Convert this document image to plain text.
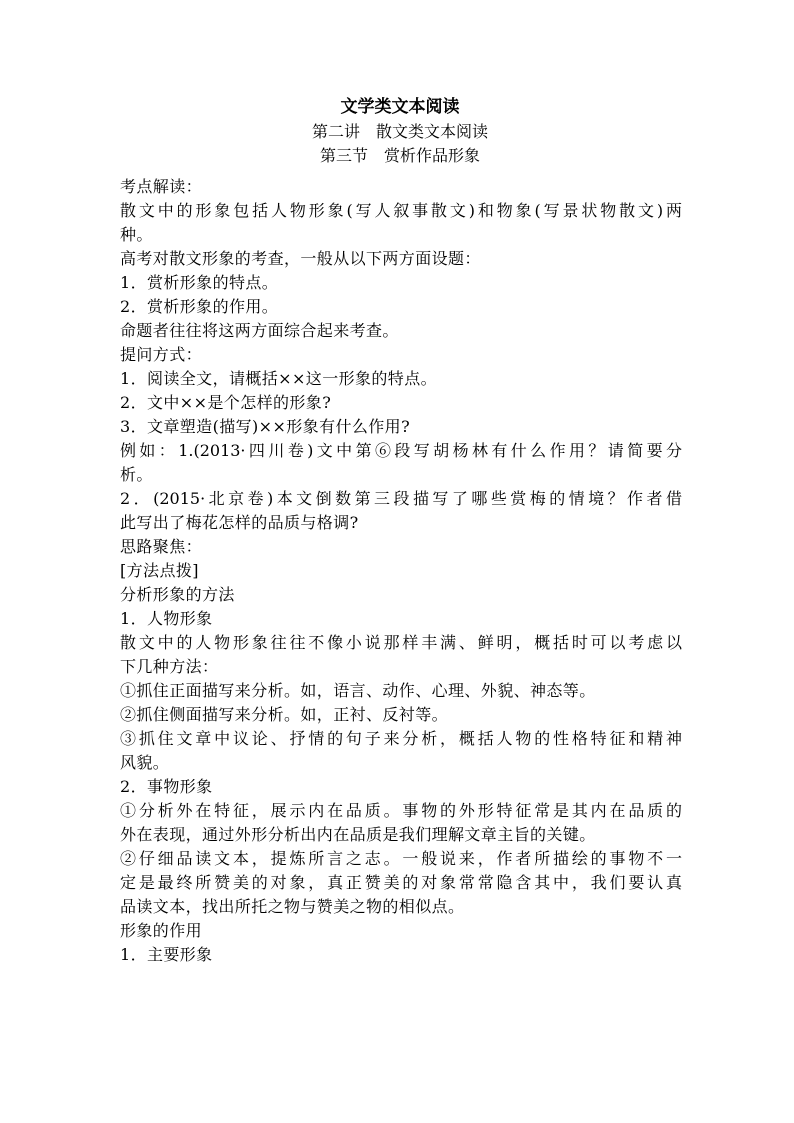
文学类文本阅读
第二讲　散文类文本阅读
第三节　赏析作品形象
考点解读：
散文中的形象包括人物形象(写人叙事散文)和物象(写景状物散文)两
种。
高考对散文形象的考查，一般从以下两方面设题：
1．赏析形象的特点。
2．赏析形象的作用。
命题者往往将这两方面综合起来考查。
提问方式：
1．阅读全文，请概括××这一形象的特点。
2．文中××是个怎样的形象?
3．文章塑造(描写)××形象有什么作用?
例如：1.(2013·四川卷)文中第⑥段写胡杨林有什么作用？请简要分
析。
2．(2015·北京卷)本文倒数第三段描写了哪些赏梅的情境？作者借
此写出了梅花怎样的品质与格调?
思路聚焦：
[方法点拨]
分析形象的方法
1．人物形象
散文中的人物形象往往不像小说那样丰满、鲜明，概括时可以考虑以
下几种方法：
①抓住正面描写来分析。如，语言、动作、心理、外貌、神态等。
②抓住侧面描写来分析。如，正衬、反衬等。
③抓住文章中议论、抒情的句子来分析，概括人物的性格特征和精神
风貌。
2．事物形象
①分析外在特征，展示内在品质。事物的外形特征常是其内在品质的
外在表现，通过外形分析出内在品质是我们理解文章主旨的关键。
②仔细品读文本，提炼所言之志。一般说来，作者所描绘的事物不一
定是最终所赞美的对象，真正赞美的对象常常隐含其中，我们要认真
品读文本，找出所托之物与赞美之物的相似点。
形象的作用
1．主要形象
